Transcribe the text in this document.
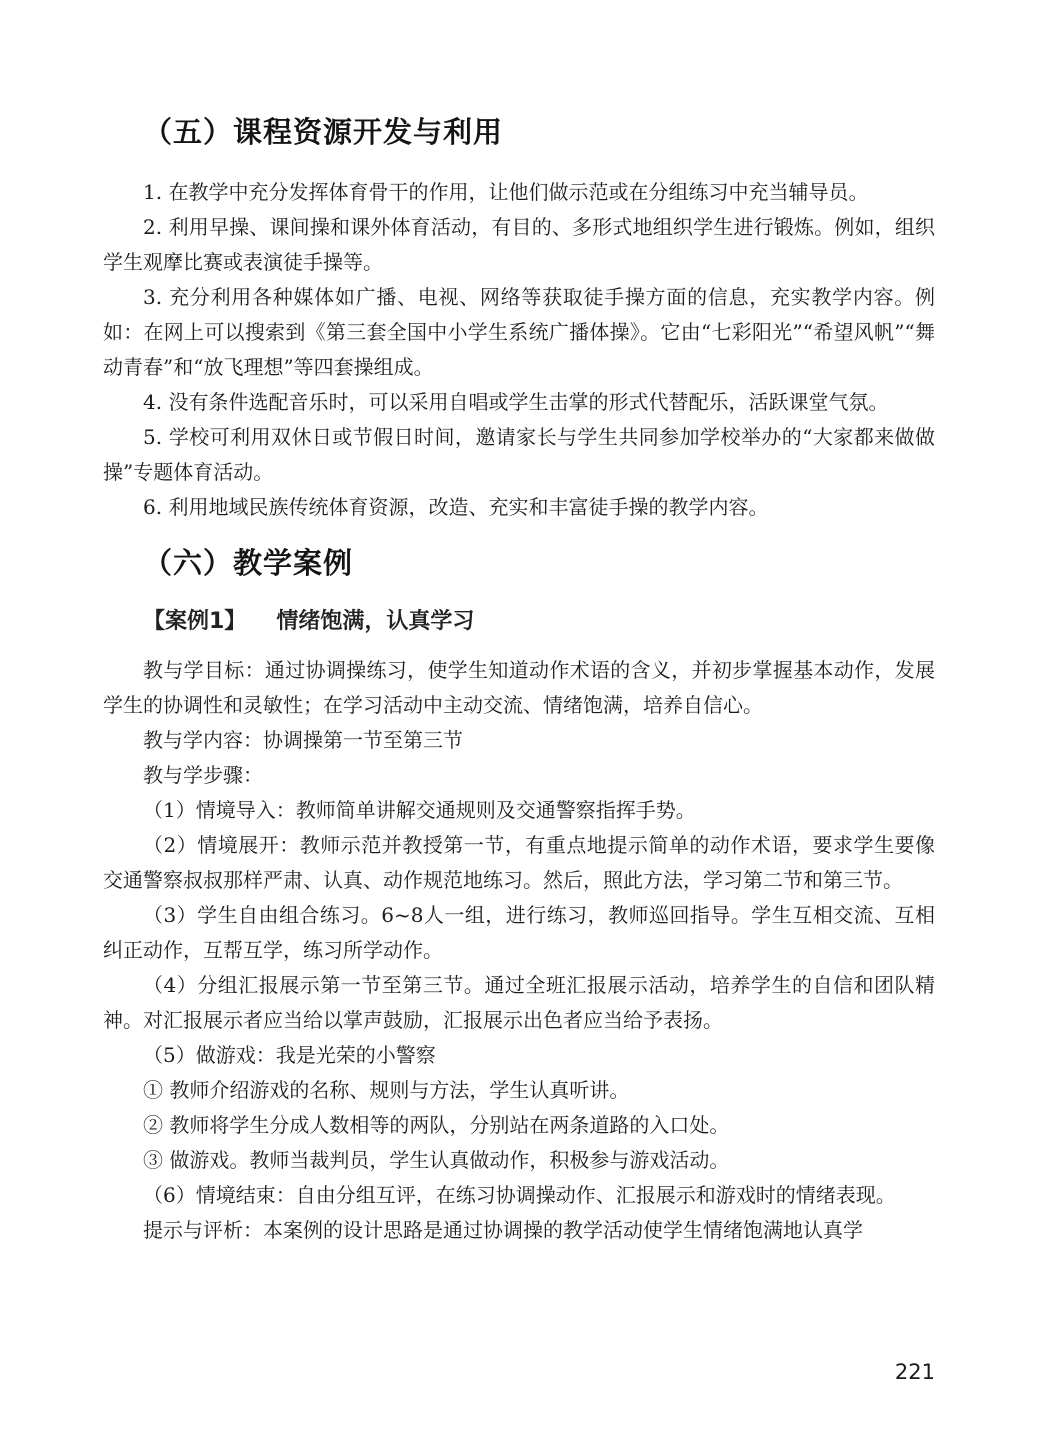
（五）课程资源开发与利用

1. 在教学中充分发挥体育骨干的作用，让他们做示范或在分组练习中充当辅导员。

2. 利用早操、课间操和课外体育活动，有目的、多形式地组织学生进行锻炼。例如，组织学生观摩比赛或表演徒手操等。

3. 充分利用各种媒体如广播、电视、网络等获取徒手操方面的信息，充实教学内容。例如：在网上可以搜索到《第三套全国中小学生系统广播体操》。它由“七彩阳光”“希望风帆”“舞动青春”和“放飞理想”等四套操组成。

4. 没有条件选配音乐时，可以采用自唱或学生击掌的形式代替配乐，活跃课堂气氛。

5. 学校可利用双休日或节假日时间，邀请家长与学生共同参加学校举办的“大家都来做做操”专题体育活动。

6. 利用地域民族传统体育资源，改造、充实和丰富徒手操的教学内容。

（六）教学案例
【案例1】 情绪饱满，认真学习

教与学目标：通过协调操练习，使学生知道动作术语的含义，并初步掌握基本动作，发展学生的协调性和灵敏性；在学习活动中主动交流、情绪饱满，培养自信心。

教与学内容：协调操第一节至第三节

教与学步骤：

（1）情境导入：教师简单讲解交通规则及交通警察指挥手势。

（2）情境展开：教师示范并教授第一节，有重点地提示简单的动作术语，要求学生要像交通警察叔叔那样严肃、认真、动作规范地练习。然后，照此方法，学习第二节和第三节。

（3）学生自由组合练习。6~8人一组，进行练习，教师巡回指导。学生互相交流、互相纠正动作，互帮互学，练习所学动作。

（4）分组汇报展示第一节至第三节。通过全班汇报展示活动，培养学生的自信和团队精神。对汇报展示者应当给以掌声鼓励，汇报展示出色者应当给予表扬。

（5）做游戏：我是光荣的小警察

① 教师介绍游戏的名称、规则与方法，学生认真听讲。

② 教师将学生分成人数相等的两队，分别站在两条道路的入口处。

③ 做游戏。教师当裁判员，学生认真做动作，积极参与游戏活动。

（6）情境结束：自由分组互评，在练习协调操动作、汇报展示和游戏时的情绪表现。

提示与评析：本案例的设计思路是通过协调操的教学活动使学生情绪饱满地认真学

221
